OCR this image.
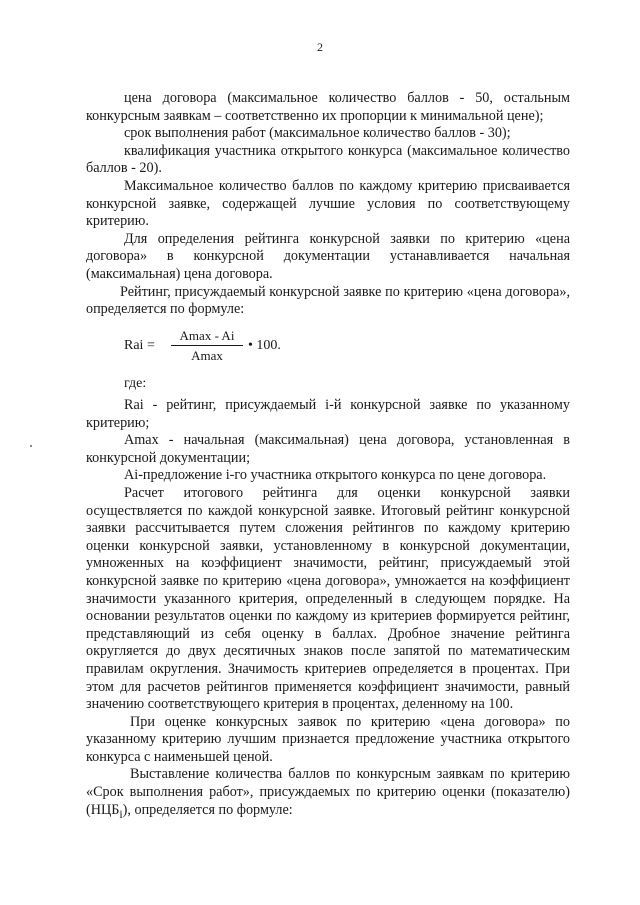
2

цена договора (максимальное количество баллов - 50, остальным конкурсным заявкам – соответственно их пропорции к минимальной цене);

срок выполнения работ (максимальное количество баллов - 30);

квалификация участника открытого конкурса (максимальное количество баллов - 20).

Максимальное количество баллов по каждому критерию присваивается конкурсной заявке, содержащей лучшие условия по соответствующему критерию.

Для определения рейтинга конкурсной заявки по критерию «цена договора» в конкурсной документации устанавливается начальная (максимальная) цена договора.

Рейтинг, присуждаемый конкурсной заявке по критерию «цена договора», определяется по формуле:

Rai =
Amax - Ai
Amax
• 100.
где:

Rai - рейтинг, присуждаемый i-й конкурсной заявке по указанному критерию;

Amax - начальная (максимальная) цена договора, установленная в конкурсной документации;

Ai-предложение i-го участника открытого конкурса по цене договора.

Расчет итогового рейтинга для оценки конкурсной заявки осуществляется по каждой конкурсной заявке. Итоговый рейтинг конкурсной заявки рассчитывается путем сложения рейтингов по каждому критерию оценки конкурсной заявки, установленному в конкурсной документации, умноженных на коэффициент значимости, рейтинг, присуждаемый этой конкурсной заявке по критерию «цена договора», умножается на коэффициент значимости указанного критерия, определенный в следующем порядке. На основании результатов оценки по каждому из критериев формируется рейтинг, представляющий из себя оценку в баллах. Дробное значение рейтинга округляется до двух десятичных знаков после запятой по математическим правилам округления. Значимость критериев определяется в процентах. При этом для расчетов рейтингов применяется коэффициент значимости, равный значению соответствующего критерия в процентах, деленному на 100.

При оценке конкурсных заявок по критерию «цена договора» по указанному критерию лучшим признается предложение участника открытого конкурса с наименьшей ценой.

Выставление количества баллов по конкурсным заявкам по критерию «Срок выполнения работ», присуждаемых по критерию оценки (показателю) $(НЦБ_i)$, определяется по формуле:
